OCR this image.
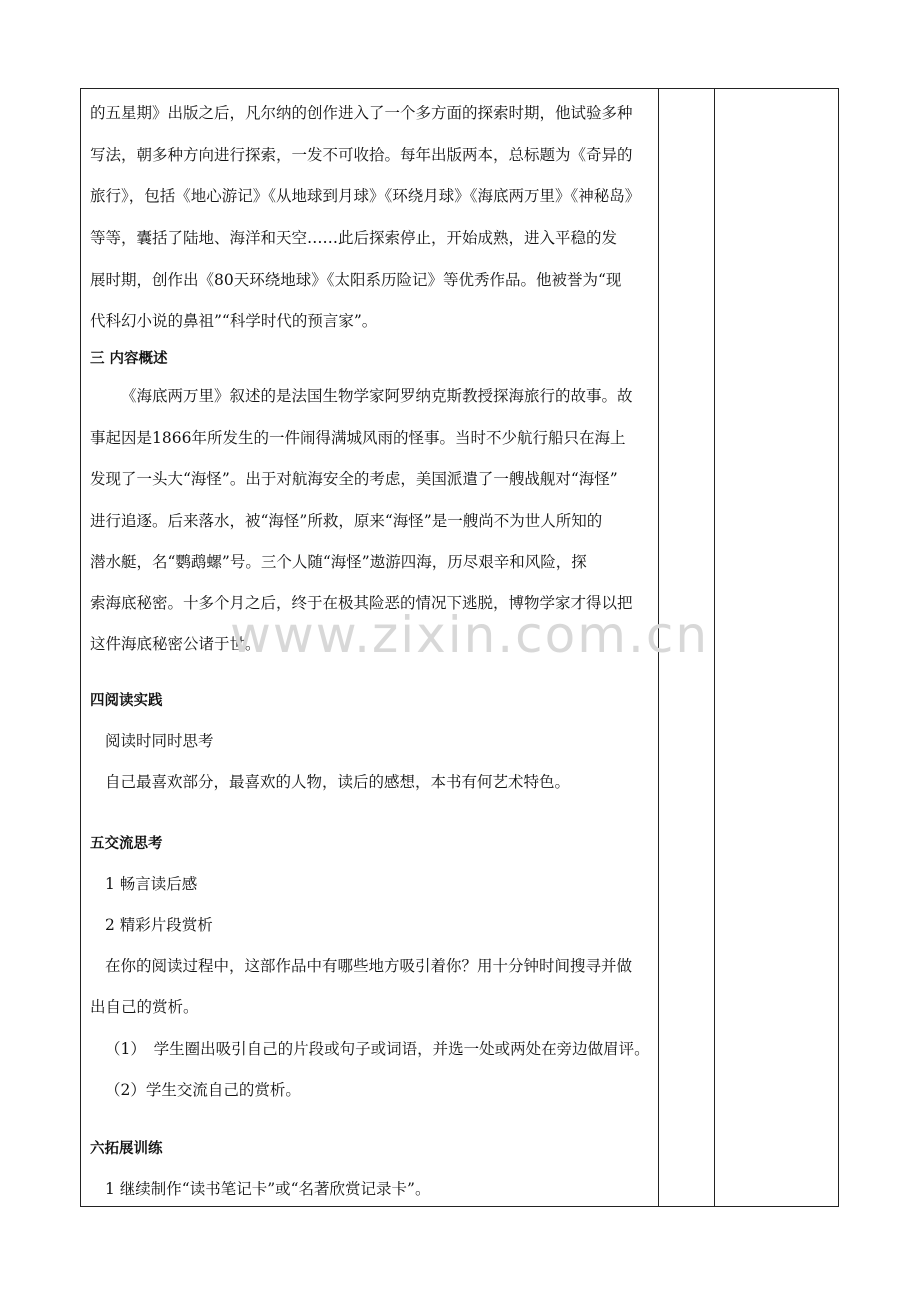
的五星期》出版之后，凡尔纳的创作进入了一个多方面的探索时期，他试验多种
写法，朝多种方向进行探索，一发不可收拾。每年出版两本，总标题为《奇异的
旅行》，包括《地心游记》《从地球到月球》《环绕月球》《海底两万里》《神秘岛》
等等，囊括了陆地、海洋和天空……此后探索停止，开始成熟，进入平稳的发
展时期，创作出《80天环绕地球》《太阳系历险记》等优秀作品。他被誉为“现
代科幻小说的鼻祖”“科学时代的预言家”。
三 内容概述
《海底两万里》叙述的是法国生物学家阿罗纳克斯教授探海旅行的故事。故
事起因是1866年所发生的一件闹得满城风雨的怪事。当时不少航行船只在海上
发现了一头大“海怪”。出于对航海安全的考虑，美国派遣了一艘战舰对“海怪”
进行追逐。后来落水，被“海怪”所救，原来“海怪”是一艘尚不为世人所知的
潜水艇，名“鹦鹉螺”号。三个人随“海怪”遨游四海，历尽艰辛和风险，探
索海底秘密。十多个月之后，终于在极其险恶的情况下逃脱，博物学家才得以把
这件海底秘密公诸于世。
四阅读实践
阅读时同时思考
自己最喜欢部分，最喜欢的人物，读后的感想，本书有何艺术特色。
五交流思考
1 畅言读后感
2 精彩片段赏析
在你的阅读过程中，这部作品中有哪些地方吸引着你？用十分钟时间搜寻并做
出自己的赏析。
（1）　学生圈出吸引自己的片段或句子或词语，并选一处或两处在旁边做眉评。
（2）学生交流自己的赏析。
六拓展训练
1 继续制作“读书笔记卡”或“名著欣赏记录卡”。
www.zixin.com.cn
